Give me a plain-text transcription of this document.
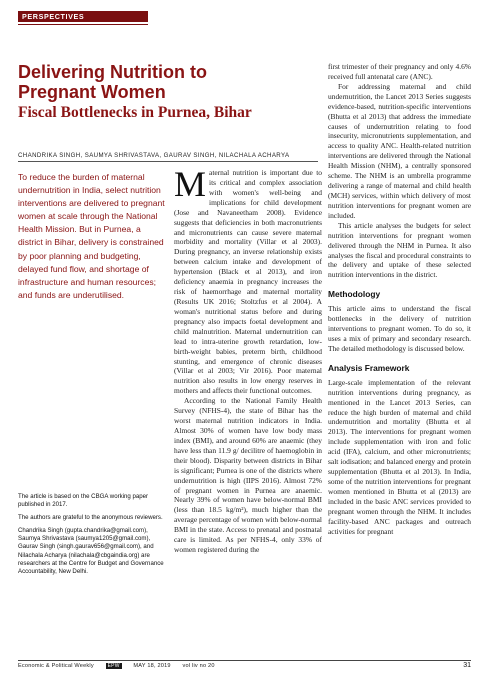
PERSPECTIVES
Delivering Nutrition to
Pregnant Women
Fiscal Bottlenecks in Purnea, Bihar
CHANDRIKA SINGH, SAUMYA SHRIVASTAVA, GAURAV SINGH, NILACHALA ACHARYA

To reduce the burden of maternal undernutrition in India, select nutrition interventions are delivered to pregnant women at scale through the National Health Mission. But in Purnea, a district in Bihar, delivery is constrained by poor planning and budgeting, delayed fund flow, and shortage of infrastructure and human resources; and funds are underutilised.

The article is based on the CBGA working paper published in 2017.

The authors are grateful to the anonymous reviewers.

Chandrika Singh (gupta.chandrika@gmail.com), Saumya Shrivastava (saumya1205@gmail.com), Gaurav Singh (singh.gaurav656@gmail.com), and Nilachala Acharya (nilachala@cbgaindia.org) are researchers at the Centre for Budget and Governance Accountability, New Delhi.

Maternal nutrition is important due to its critical and complex association with women's well-being and implications for child development (Jose and Navaneetham 2008). Evidence suggests that deficiencies in both macronutrients and micronutrients can cause severe maternal morbidity and mortality (Villar et al 2003). During pregnancy, an inverse relationship exists between calcium intake and development of hypertension (Black et al 2013), and iron deficiency anaemia in pregnancy increases the risk of haemorrhage and maternal mortality (Results UK 2016; Stoltzfus et al 2004). A woman's nutritional status before and during pregnancy also impacts foetal development and child malnutrition. Maternal undernutrition can lead to intra-uterine growth retardation, low-birth-weight babies, preterm birth, childhood stunting, and emergence of chronic diseases (Villar et al 2003; Vir 2016). Poor maternal nutrition also results in low energy reserves in mothers and affects their functional outcomes.

According to the National Family Health Survey (NFHS-4), the state of Bihar has the worst maternal nutrition indicators in India. Almost 30% of women have low body mass index (BMI), and around 60% are anaemic (they have less than 11.9 g/ decilitre of haemoglobin in their blood). Disparity between districts in Bihar is significant; Purnea is one of the districts where undernutrition is high (IIPS 2016). Almost 72% of pregnant women in Purnea are anaemic. Nearly 39% of women have below-normal BMI (less than 18.5 kg/m²), much higher than the average percentage of women with below-normal BMI in the state. Access to prenatal and postnatal care is limited. As per NFHS-4, only 33% of women registered during the

first trimester of their pregnancy and only 4.6% received full antenatal care (ANC).

For addressing maternal and child undernutrition, the Lancet 2013 Series suggests evidence-based, nutrition-specific interventions (Bhutta et al 2013) that address the immediate causes of undernutrition relating to food insecurity, micronutrients supplementation, and access to quality ANC. Health-related nutrition interventions are delivered through the National Health Mission (NHM), a centrally sponsored scheme. The NHM is an umbrella programme delivering a range of maternal and child health (MCH) services, within which delivery of most nutrition interventions for pregnant women are included.

This article analyses the budgets for select nutrition interventions for pregnant women delivered through the NHM in Purnea. It also analyses the fiscal and procedural constraints to the delivery and uptake of these selected nutrition interventions in the district.

Methodology

This article aims to understand the fiscal bottlenecks in the delivery of nutrition interventions to pregnant women. To do so, it uses a mix of primary and secondary research. The detailed methodology is discussed below.

Analysis Framework

Large-scale implementation of the relevant nutrition interventions during pregnancy, as mentioned in the Lancet 2013 Series, can reduce the high burden of maternal and child undernutrition and mortality (Bhutta et al 2013). The interventions for pregnant women include supplementation with iron and folic acid (IFA), calcium, and other micronutrients; salt iodisation; and balanced energy and protein supplementation (Bhutta et al 2013). In India, some of the nutrition interventions for pregnant women mentioned in Bhutta et al (2013) are included in the basic ANC services provided to pregnant women through the NHM. It includes facility-based ANC packages and outreach activities for pregnant

Economic & Political Weekly	EPW MAY 18, 2019 vol liv no 20	31
